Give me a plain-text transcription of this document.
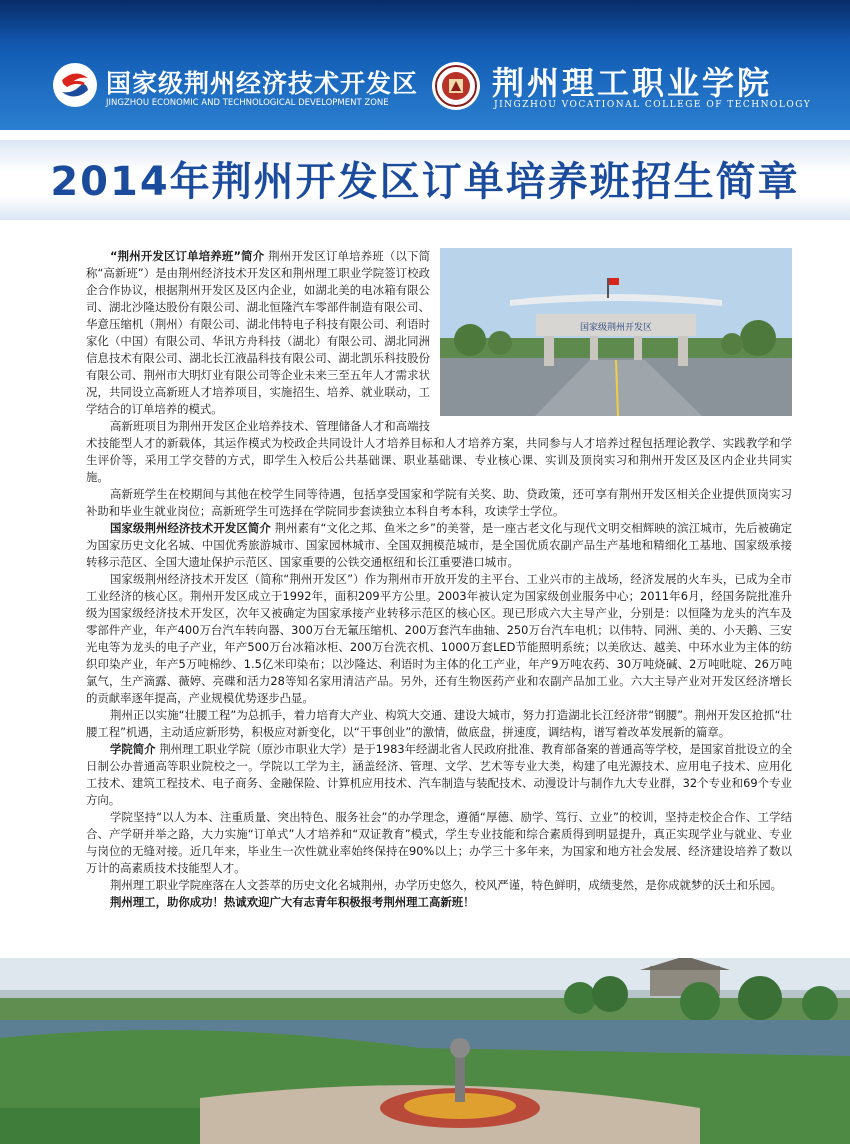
国家级荆州经济技术开发区
JINGZHOU ECONOMIC AND TECHNOLOGICAL DEVELOPMENT ZONE
荆州理工职业学院
JINGZHOU VOCATIONAL COLLEGE OF TECHNOLOGY
2014年荆州开发区订单培养班招生简章
国家级荆州开发区

“荆州开发区订单培养班”简介 荆州开发区订单培养班（以下简称“高新班”）是由荆州经济技术开发区和荆州理工职业学院签订校政企合作协议，根据荆州开发区及区内企业，如湖北美的电冰箱有限公司、湖北沙隆达股份有限公司、湖北恒隆汽车零部件制造有限公司、华意压缩机（荆州）有限公司、湖北伟特电子科技有限公司、利语时家化（中国）有限公司、华讯方舟科技（湖北）有限公司、湖北同洲信息技术有限公司、湖北长江液晶科技有限公司、湖北凯乐科技股份有限公司、荆州市大明灯业有限公司等企业未来三至五年人才需求状况，共同设立高新班人才培养项目，实施招生、培养、就业联动，工学结合的订单培养的模式。

高新班项目为荆州开发区企业培养技术、管理储备人才和高端技术技能型人才的新载体，其运作模式为校政企共同设计人才培养目标和人才培养方案，共同参与人才培养过程包括理论教学、实践教学和学生评价等，采用工学交替的方式，即学生入校后公共基础课、职业基础课、专业核心课、实训及顶岗实习和荆州开发区及区内企业共同实施。

高新班学生在校期间与其他在校学生同等待遇，包括享受国家和学院有关奖、助、贷政策，还可享有荆州开发区相关企业提供顶岗实习补助和毕业生就业岗位；高新班学生可选择在学院同步套读独立本科自考本科，攻读学士学位。

国家级荆州经济技术开发区简介 荆州素有“文化之邦、鱼米之乡”的美誉，是一座古老文化与现代文明交相辉映的滨江城市，先后被确定为国家历史文化名城、中国优秀旅游城市、国家园林城市、全国双拥模范城市，是全国优质农副产品生产基地和精细化工基地、国家级承接转移示范区、全国大遗址保护示范区、国家重要的公铁交通枢纽和长江重要港口城市。

国家级荆州经济技术开发区（简称“荆州开发区”）作为荆州市开放开发的主平台、工业兴市的主战场，经济发展的火车头，已成为全市工业经济的核心区。荆州开发区成立于1992年，面积209平方公里。2003年被认定为国家级创业服务中心；2011年6月，经国务院批准升级为国家级经济技术开发区，次年又被确定为国家承接产业转移示范区的核心区。现已形成六大主导产业，分别是：以恒隆为龙头的汽车及零部件产业，年产400万台汽车转向器、300万台无氟压缩机、200万套汽车曲轴、250万台汽车电机；以伟特、同洲、美的、小天鹅、三安光电等为龙头的电子产业，年产500万台冰箱冰柜、200万台洗衣机、1000万套LED节能照明系统；以美欣达、越美、中环水业为主体的纺织印染产业，年产5万吨棉纱、1.5亿米印染布；以沙隆达、利语时为主体的化工产业，年产9万吨农药、30万吨烧碱、2万吨吡啶、26万吨氯气，生产滴露、薇婷、亮碟和活力28等知名家用清洁产品。另外，还有生物医药产业和农副产品加工业。六大主导产业对开发区经济增长的贡献率逐年提高，产业规模优势逐步凸显。

荆州正以实施“壮腰工程”为总抓手，着力培育大产业、构筑大交通、建设大城市，努力打造湖北长江经济带“钢腰”。荆州开发区抢抓“壮腰工程”机遇，主动适应新形势，积极应对新变化，以“干事创业”的激情，做底盘，拼速度，调结构，谱写着改革发展新的篇章。

学院简介 荆州理工职业学院（原沙市职业大学）是于1983年经湖北省人民政府批准、教育部备案的普通高等学校，是国家首批设立的全日制公办普通高等职业院校之一。学院以工学为主，涵盖经济、管理、文学、艺术等专业大类，构建了电光源技术、应用电子技术、应用化工技术、建筑工程技术、电子商务、金融保险、计算机应用技术、汽车制造与装配技术、动漫设计与制作九大专业群，32个专业和69个专业方向。

学院坚持“以人为本、注重质量、突出特色、服务社会”的办学理念，遵循“厚德、励学、笃行、立业”的校训，坚持走校企合作、工学结合、产学研并举之路，大力实施“订单式”人才培养和“双证教育”模式，学生专业技能和综合素质得到明显提升，真正实现学业与就业、专业与岗位的无缝对接。近几年来，毕业生一次性就业率始终保持在90%以上；办学三十多年来，为国家和地方社会发展、经济建设培养了数以万计的高素质技术技能型人才。

荆州理工职业学院座落在人文荟萃的历史文化名城荆州，办学历史悠久，校风严谨，特色鲜明，成绩斐然，是你成就梦的沃土和乐园。

荆州理工，助你成功！热诚欢迎广大有志青年积极报考荆州理工高新班！
